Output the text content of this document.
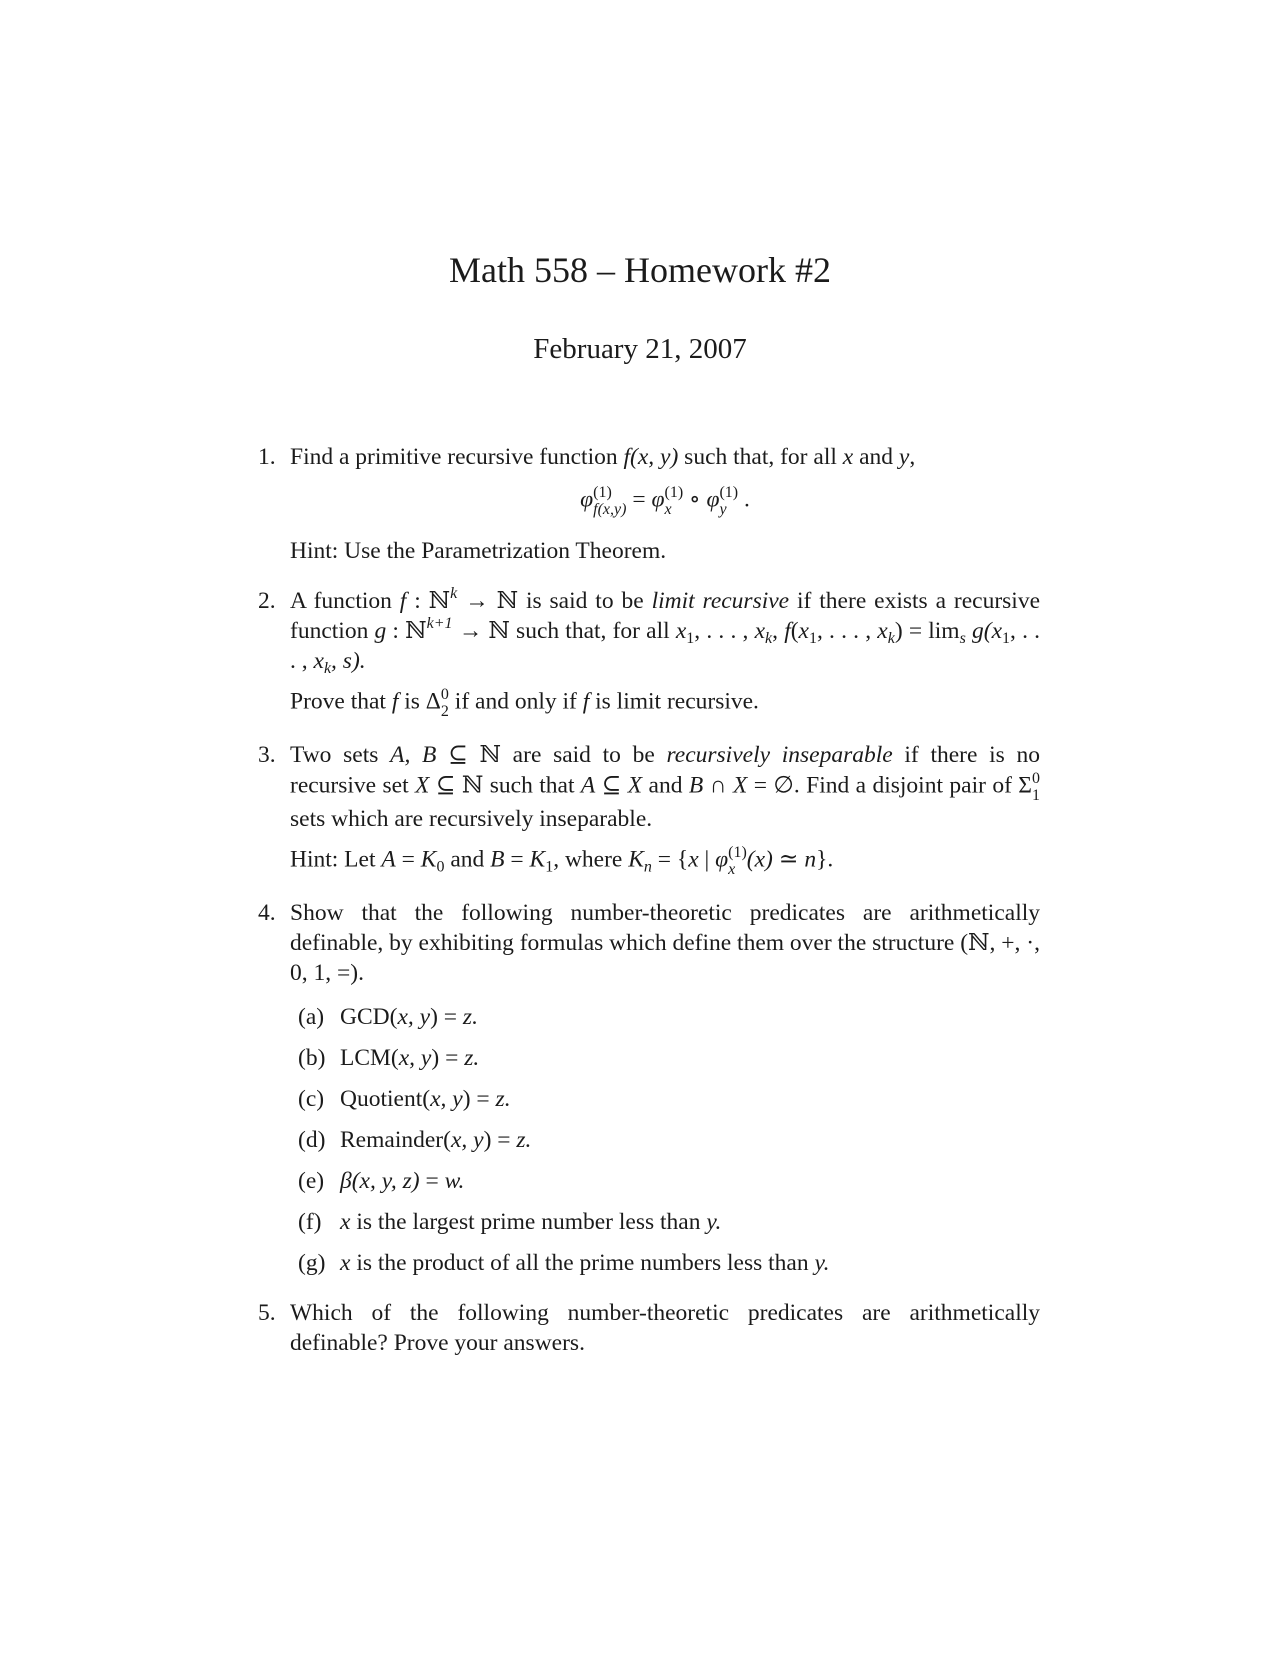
Math 558 – Homework #2
February 21, 2007
1. Find a primitive recursive function f(x, y) such that, for all x and y,

φ (1)
f(x,y) = φ (1)
x ∘ φ (1)
y .

Hint: Use the Parametrization Theorem.

2. A function f : ℕ$^k$ → ℕ is said to be limit recursive if there exists a recursive function g : ℕ$^{k+1}$ → ℕ such that, for all $x_1$, . . . , $x_k$, $f(x_1$, . . . , $x_k) = \lim_s g(x_1$, . . . , $x_k$, s).

Prove that f is Δ 0
2 if and only if f is limit recursive.

3. Two sets A, B ⊆ ℕ are said to be recursively inseparable if there is no recursive set X ⊆ ℕ such that A ⊆ X and B ∩ X = ∅. Find a disjoint pair of Σ 0
1
sets which are recursively inseparable.

Hint: Let $A = K_0$ and $B = K_1$, where $K_n = \{x$ | φ (1)
x (x) ≃ n}.

4. Show that the following number-theoretic predicates are arithmetically definable, by exhibiting formulas which define them over the structure (ℕ, +, ·, 0, 1, =).

(a) GCD(x, y) = z.
(b) LCM(x, y) = z.
(c) Quotient(x, y) = z.
(d) Remainder(x, y) = z.
(e) β(x, y, z) = w.
(f) x is the largest prime number less than y.
(g) x is the product of all the prime numbers less than y.
5. Which of the following number-theoretic predicates are arithmetically definable? Prove your answers.
